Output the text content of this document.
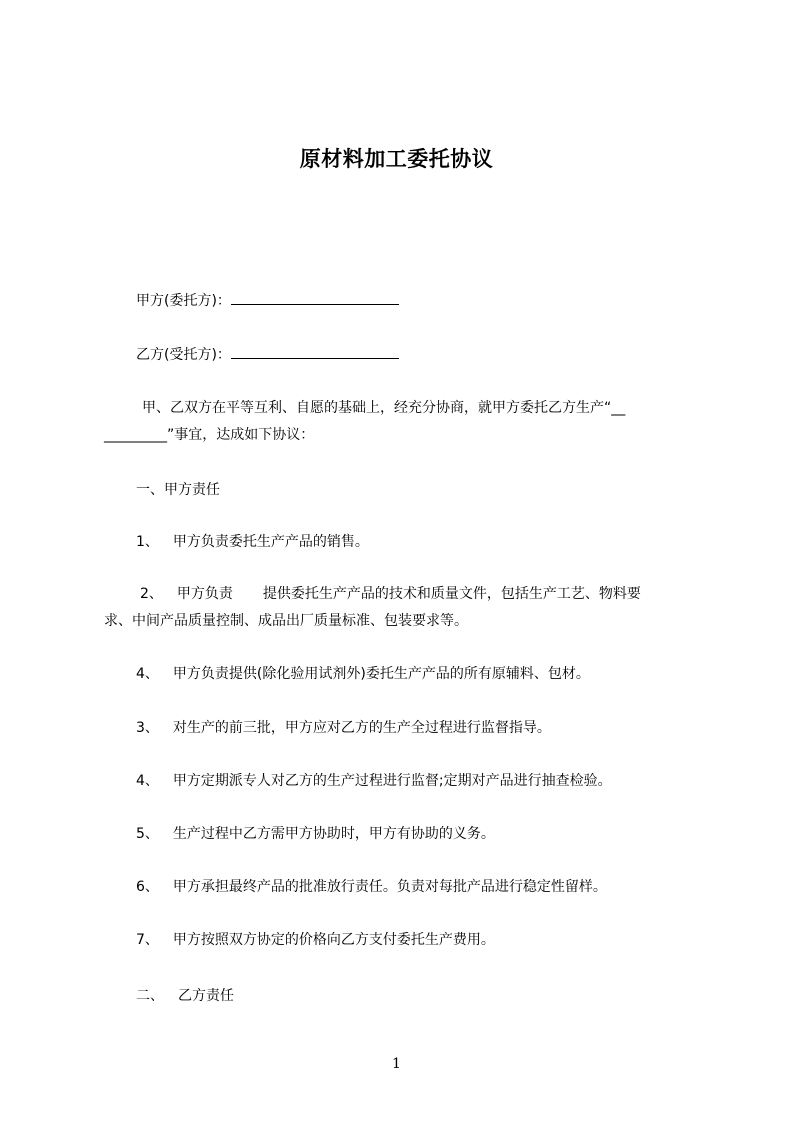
原材料加工委托协议
甲方(委托方)：
乙方(受托方)：
甲、乙双方在平等互利、自愿的基础上，经充分协商，就甲方委托乙方生产“__
_________”事宜，达成如下协议：
一、甲方责任
1、 甲方负责委托生产产品的销售。
2、 甲方负责 提供委托生产产品的技术和质量文件，包括生产工艺、物料要
求、中间产品质量控制、成品出厂质量标准、包装要求等。
4、 甲方负责提供(除化验用试剂外)委托生产产品的所有原辅料、包材。
3、 对生产的前三批，甲方应对乙方的生产全过程进行监督指导。
4、 甲方定期派专人对乙方的生产过程进行监督;定期对产品进行抽查检验。
5、 生产过程中乙方需甲方协助时，甲方有协助的义务。
6、 甲方承担最终产品的批准放行责任。负责对每批产品进行稳定性留样。
7、 甲方按照双方协定的价格向乙方支付委托生产费用。
二、 乙方责任
1
